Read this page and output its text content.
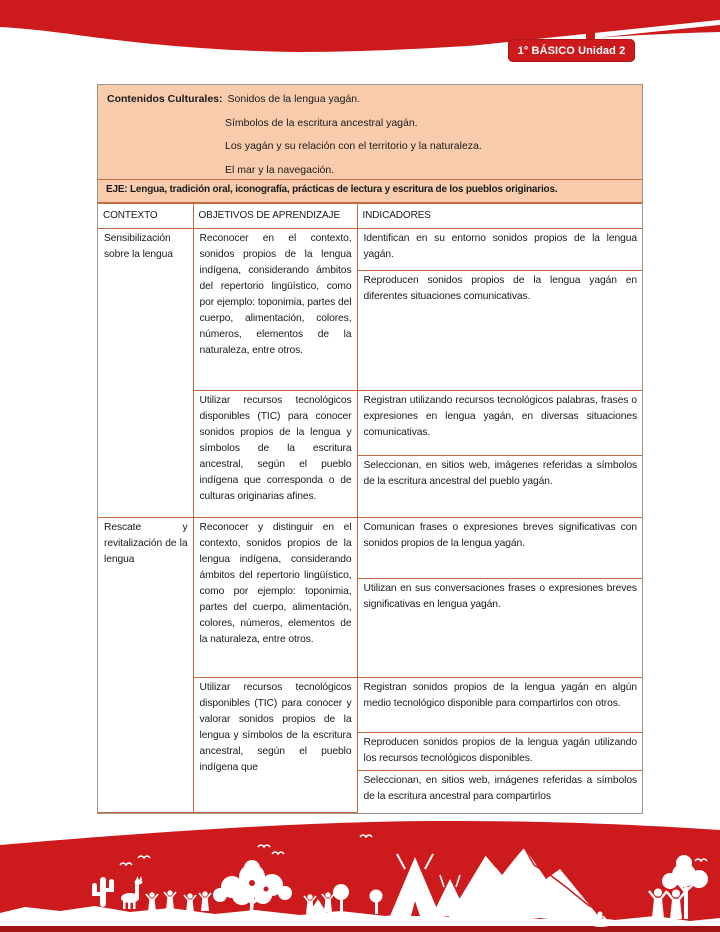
1° BÁSICO Unidad 2
Contenidos Culturales: Sonidos de la lengua yagán.
Símbolos de la escritura ancestral yagán.
Los yagán y su relación con el territorio y la naturaleza.
El mar y la navegación.
EJE: Lengua, tradición oral, iconografía, prácticas de lectura y escritura de los pueblos originarios.
CONTEXTO	OBJETIVOS DE APRENDIZAJE	INDICADORES
Sensibilización sobre la lengua	Reconocer en el contexto, sonidos propios de la lengua indígena, considerando ámbitos del repertorio lingüístico, como por ejemplo: toponimia, partes del cuerpo, alimentación, colores, números, elementos de la naturaleza, entre otros.	Identifican en su entorno sonidos propios de la lengua yagán.
		Reproducen sonidos propios de la lengua yagán en diferentes situaciones comunicativas.
	Utilizar recursos tecnológicos disponibles (TIC) para conocer sonidos propios de la lengua y símbolos de la escritura ancestral, según el pueblo indígena que corresponda o de culturas originarias afines.	Registran utilizando recursos tecnológicos palabras, frases o expresiones en lengua yagán, en diversas situaciones comunicativas.
		Seleccionan, en sitios web, imágenes referidas a símbolos de la escritura ancestral del pueblo yagán.
Rescate y revitalización de la lengua	Reconocer y distinguir en el contexto, sonidos propios de la lengua indígena, considerando ámbitos del repertorio lingüístico, como por ejemplo: toponimia, partes del cuerpo, alimentación, colores, números, elementos de la naturaleza, entre otros.	Comunican frases o expresiones breves significativas con sonidos propios de la lengua yagán.
		Utilizan en sus conversaciones frases o expresiones breves significativas en lengua yagán.
	Utilizar recursos tecnológicos disponibles (TIC) para conocer y valorar sonidos propios de la lengua y símbolos de la escritura ancestral, según el pueblo indígena que	Registran sonidos propios de la lengua yagán en algún medio tecnológico disponible para compartirlos con otros.
		Reproducen sonidos propios de la lengua yagán utilizando los recursos tecnológicos disponibles.
		Seleccionan, en sitios web, imágenes referidas a símbolos de la escritura ancestral para compartirlos
